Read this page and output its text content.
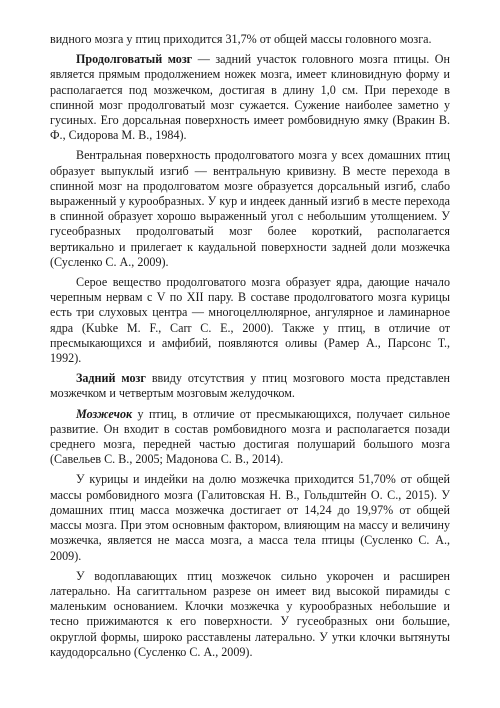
видного мозга у птиц приходится 31,7% от общей массы головного мозга.

Продолговатый мозг — задний участок головного мозга птицы. Он является прямым продолжением ножек мозга, имеет клиновидную форму и располагается под мозжечком, достигая в длину 1,0 см. При переходе в спинной мозг продолговатый мозг сужается. Сужение наиболее заметно у гусиных. Его дорсальная поверхность имеет ромбовидную ямку (Вракин В. Ф., Сидорова М. В., 1984).

Вентральная поверхность продолговатого мозга у всех домашних птиц образует выпуклый изгиб — вентральную кривизну. В месте перехода в спинной мозг на продолговатом мозге образуется дорсальный изгиб, слабо выраженный у курообразных. У кур и индеек данный изгиб в месте перехода в спинной образует хорошо выраженный угол с небольшим утолщением. У гусеобразных продолговатый мозг более короткий, располагается вертикально и прилегает к каудальной поверхности задней доли мозжечка (Сусленко С. А., 2009).

Серое вещество продолговатого мозга образует ядра, дающие начало черепным нервам с V по XII пару. В составе продолговатого мозга курицы есть три слуховых центра — многоцеллюлярное, ангулярное и ламинарное ядра (Kubke M. F., Carr C. E., 2000). Также у птиц, в отличие от пресмыкающихся и амфибий, появляются оливы (Рамер А., Парсонс Т., 1992).

Задний мозг ввиду отсутствия у птиц мозгового моста представлен мозжечком и четвертым мозговым желудочком.

Мозжечок у птиц, в отличие от пресмыкающихся, получает сильное развитие. Он входит в состав ромбовидного мозга и располагается позади среднего мозга, передней частью достигая полушарий большого мозга (Савельев С. В., 2005; Мадонова С. В., 2014).

У курицы и индейки на долю мозжечка приходится 51,70% от общей массы ромбовидного мозга (Галитовская Н. В., Гольдштейн О. С., 2015). У домашних птиц масса мозжечка достигает от 14,24 до 19,97% от общей массы мозга. При этом основным фактором, влияющим на массу и величину мозжечка, является не масса мозга, а масса тела птицы (Сусленко С. А., 2009).

У водоплавающих птиц мозжечок сильно укорочен и расширен латерально. На сагиттальном разрезе он имеет вид высокой пирамиды с маленьким основанием. Клочки мозжечка у курообразных небольшие и тесно прижимаются к его поверхности. У гусеобразных они большие, округлой формы, широко расставлены латерально. У утки клочки вытянуты каудодорсально (Сусленко С. А., 2009).
